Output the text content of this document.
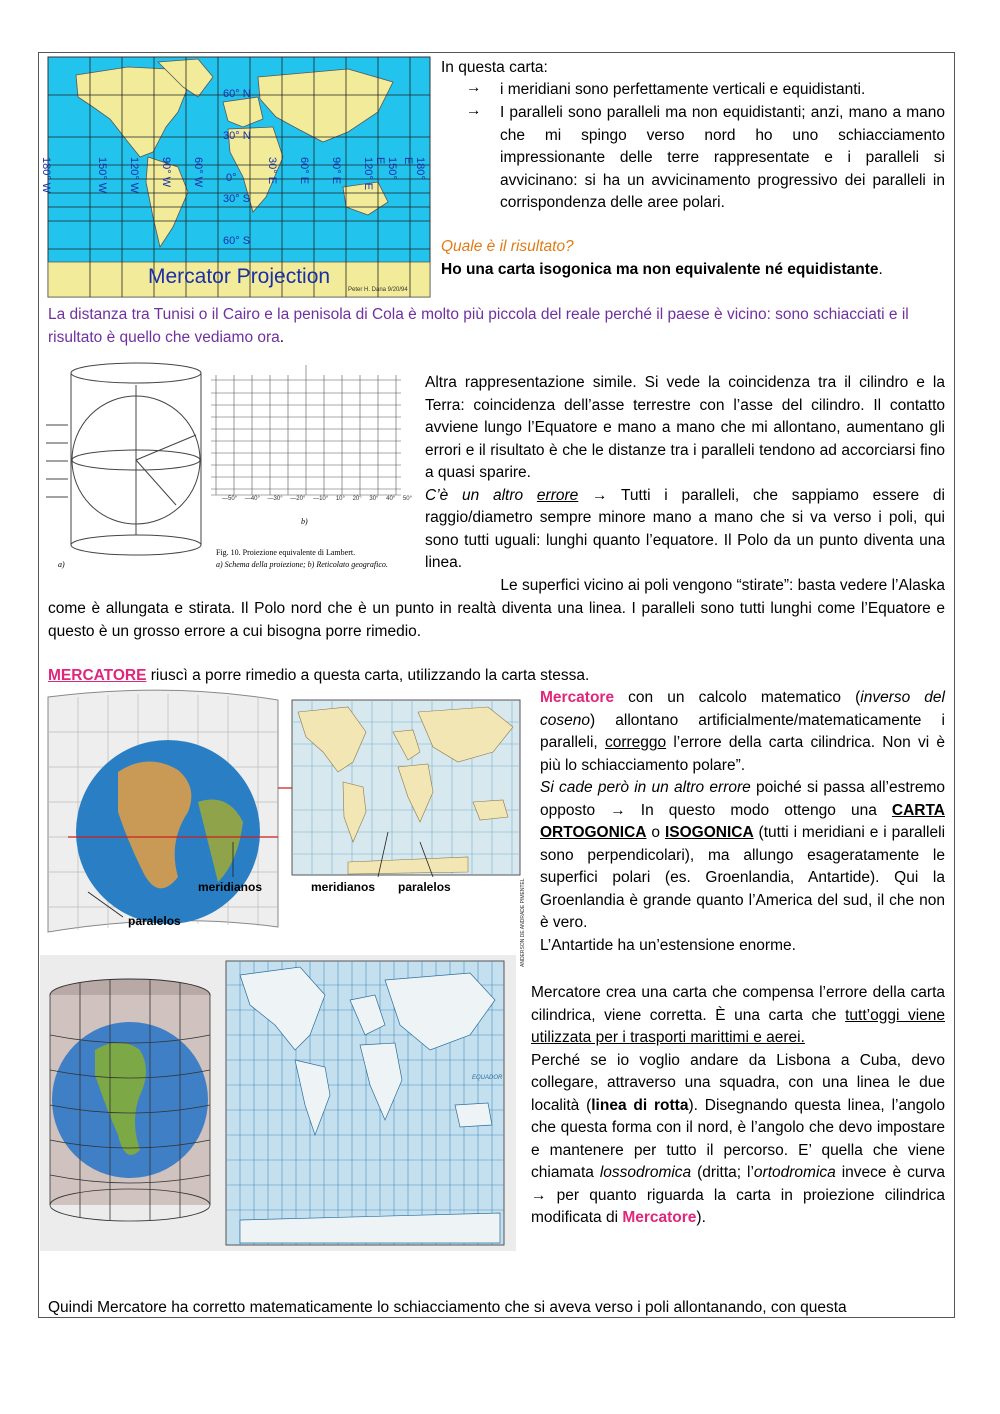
60° N
30° N
0°
30° S
60° S
180° W	150° W 120° W 90° W 60° W	30° E 60° E 90° E 120° E	150° E	180° E
Mercator Projection
Peter H. Dana 9/20/94
In questa carta:
→ i meridiani sono perfettamente verticali e equidistanti.
→ I paralleli sono paralleli ma non equidistanti; anzi, mano a mano che mi spingo verso nord ho uno schiacciamento impressionante delle terre rappresentate e i paralleli si avvicinano: si ha un avvicinamento progressivo dei paralleli in corrispondenza delle aree polari.
Quale è il risultato?
Ho una carta isogonica ma non equivalente né equidistante.
La distanza tra Tunisi o il Cairo e la penisola di Cola è molto più piccola del reale perché il paese è vicino: sono schiacciati e il risultato è quello che vediamo ora.
—50° —40° —30° —20° —10° 10° 20° 30° 40° 50°
a)
b)
Fig. 10. Proiezione equivalente di Lambert.
a) Schema della proiezione; b) Reticolato geografico.
Altra rappresentazione simile. Si vede la coincidenza tra il cilindro e la Terra: coincidenza dell’asse terrestre con l’asse del cilindro. Il contatto avviene lungo l’Equatore e mano a mano che mi allontano, aumentano gli errori e il risultato è che le distanze tra i paralleli tendono ad accorciarsi fino a quasi sparire.
C’è un altro errore → Tutti i paralleli, che sappiamo essere di raggio/diametro sempre minore mano a mano che si va verso i poli, qui sono tutti uguali: lunghi quanto l’equatore. Il Polo da un punto diventa una linea.
Le superfici vicino ai poli vengono “stirate”: basta vedere l’Alaska
come è allungata e stirata. Il Polo nord che è un punto in realtà diventa una linea. I paralleli sono tutti lunghi come l’Equatore e questo è un grosso errore a cui bisogna porre rimedio.
MERCATORE riuscì a porre rimedio a questa carta, utilizzando la carta stessa.
meridianos
paralelos
meridianos paralelos
Mercatore con un calcolo matematico (inverso del coseno) allontano artificialmente/matematicamente i paralleli, correggo l’errore della carta cilindrica. Non vi è più lo schiacciamento polare”.
Si cade però in un altro errore poiché si passa all’estremo opposto → In questo modo ottengo una CARTA ORTOGONICA o ISOGONICA (tutti i meridiani e i paralleli sono perpendicolari), ma allungo esageratamente le superfici polari (es. Groenlandia, Antartide). Qui la Groenlandia è grande quanto l’America del sud, il che non è vero.
L’Antartide ha un’estensione enorme.
ANDERSON DE ANDRADE PIMENTEL
EQUADOR
Mercatore crea una carta che compensa l’errore della carta cilindrica, viene corretta. È una carta che tutt’oggi viene utilizzata per i trasporti marittimi e aerei.
Perché se io voglio andare da Lisbona a Cuba, devo collegare, attraverso una squadra, con una linea le due località (linea di rotta). Disegnando questa linea, l’angolo che questa forma con il nord, è l’angolo che devo impostare e mantenere per tutto il percorso. E’ quella che viene chiamata lossodromica (dritta; l’ortodromica invece è curva → per quanto riguarda la carta in proiezione cilindrica modificata di Mercatore).
Quindi Mercatore ha corretto matematicamente lo schiacciamento che si aveva verso i poli allontanando, con questa
